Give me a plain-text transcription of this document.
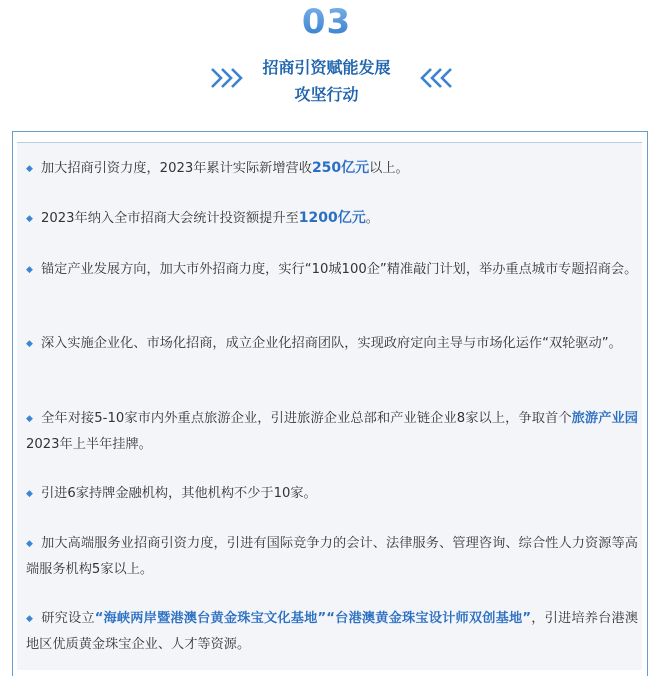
03
招商引资赋能发展
攻坚行动
◆ 加大招商引资力度，2023年累计实际新增营收250亿元以上。
◆ 2023年纳入全市招商大会统计投资额提升至1200亿元。
◆ 锚定产业发展方向，加大市外招商力度，实行“10城100企”精准敲门计划，举办重点城市专题招商会。
◆ 深入实施企业化、市场化招商，成立企业化招商团队，实现政府定向主导与市场化运作“双轮驱动”。
◆ 全年对接5-10家市内外重点旅游企业，引进旅游企业总部和产业链企业8家以上，争取首个旅游产业园2023年上半年挂牌。
◆ 引进6家持牌金融机构，其他机构不少于10家。
◆ 加大高端服务业招商引资力度，引进有国际竞争力的会计、法律服务、管理咨询、综合性人力资源等高端服务机构5家以上。
◆ 研究设立“海峡两岸暨港澳台黄金珠宝文化基地”“台港澳黄金珠宝设计师双创基地”，引进培养台港澳地区优质黄金珠宝企业、人才等资源。
